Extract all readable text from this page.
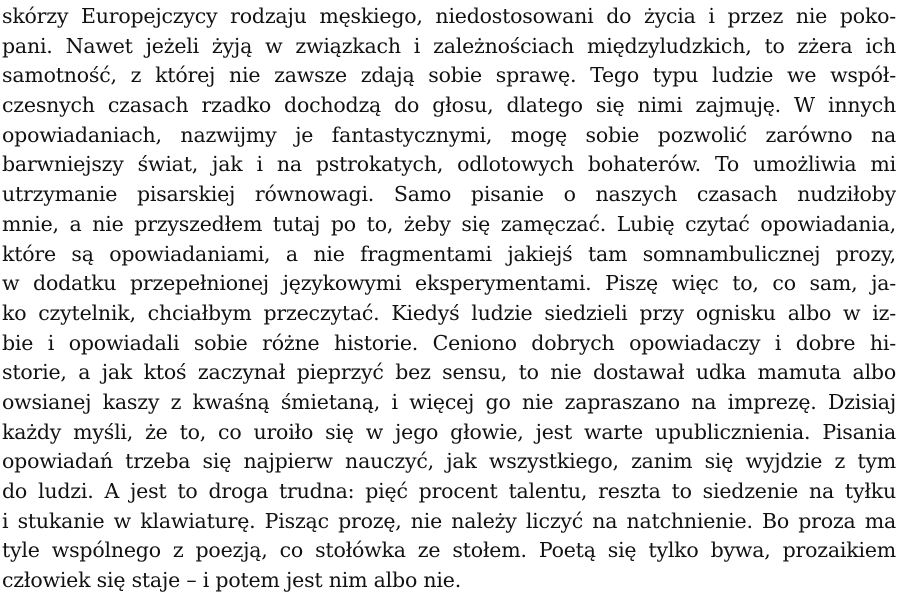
skórzy Europejczycy rodzaju męskiego, niedostosowani do życia i przez nie poko-
pani. Nawet jeżeli żyją w związkach i zależnościach międzyludzkich, to zżera ich
samotność, z której nie zawsze zdają sobie sprawę. Tego typu ludzie we współ-
czesnych czasach rzadko dochodzą do głosu, dlatego się nimi zajmuję. W innych
opowiadaniach, nazwijmy je fantastycznymi, mogę sobie pozwolić zarówno na
barwniejszy świat, jak i na pstrokatych, odlotowych bohaterów. To umożliwia mi
utrzymanie pisarskiej równowagi. Samo pisanie o naszych czasach nudziłoby
mnie, a nie przyszedłem tutaj po to, żeby się zamęczać. Lubię czytać opowiadania,
które są opowiadaniami, a nie fragmentami jakiejś tam somnambulicznej prozy,
w dodatku przepełnionej językowymi eksperymentami. Piszę więc to, co sam, ja-
ko czytelnik, chciałbym przeczytać. Kiedyś ludzie siedzieli przy ognisku albo w iz-
bie i opowiadali sobie różne historie. Ceniono dobrych opowiadaczy i dobre hi-
storie, a jak ktoś zaczynał pieprzyć bez sensu, to nie dostawał udka mamuta albo
owsianej kaszy z kwaśną śmietaną, i więcej go nie zapraszano na imprezę. Dzisiaj
każdy myśli, że to, co uroiło się w jego głowie, jest warte upublicznienia. Pisania
opowiadań trzeba się najpierw nauczyć, jak wszystkiego, zanim się wyjdzie z tym
do ludzi. A jest to droga trudna: pięć procent talentu, reszta to siedzenie na tyłku
i stukanie w klawiaturę. Pisząc prozę, nie należy liczyć na natchnienie. Bo proza ma
tyle wspólnego z poezją, co stołówka ze stołem. Poetą się tylko bywa, prozaikiem
człowiek się staje – i potem jest nim albo nie.
